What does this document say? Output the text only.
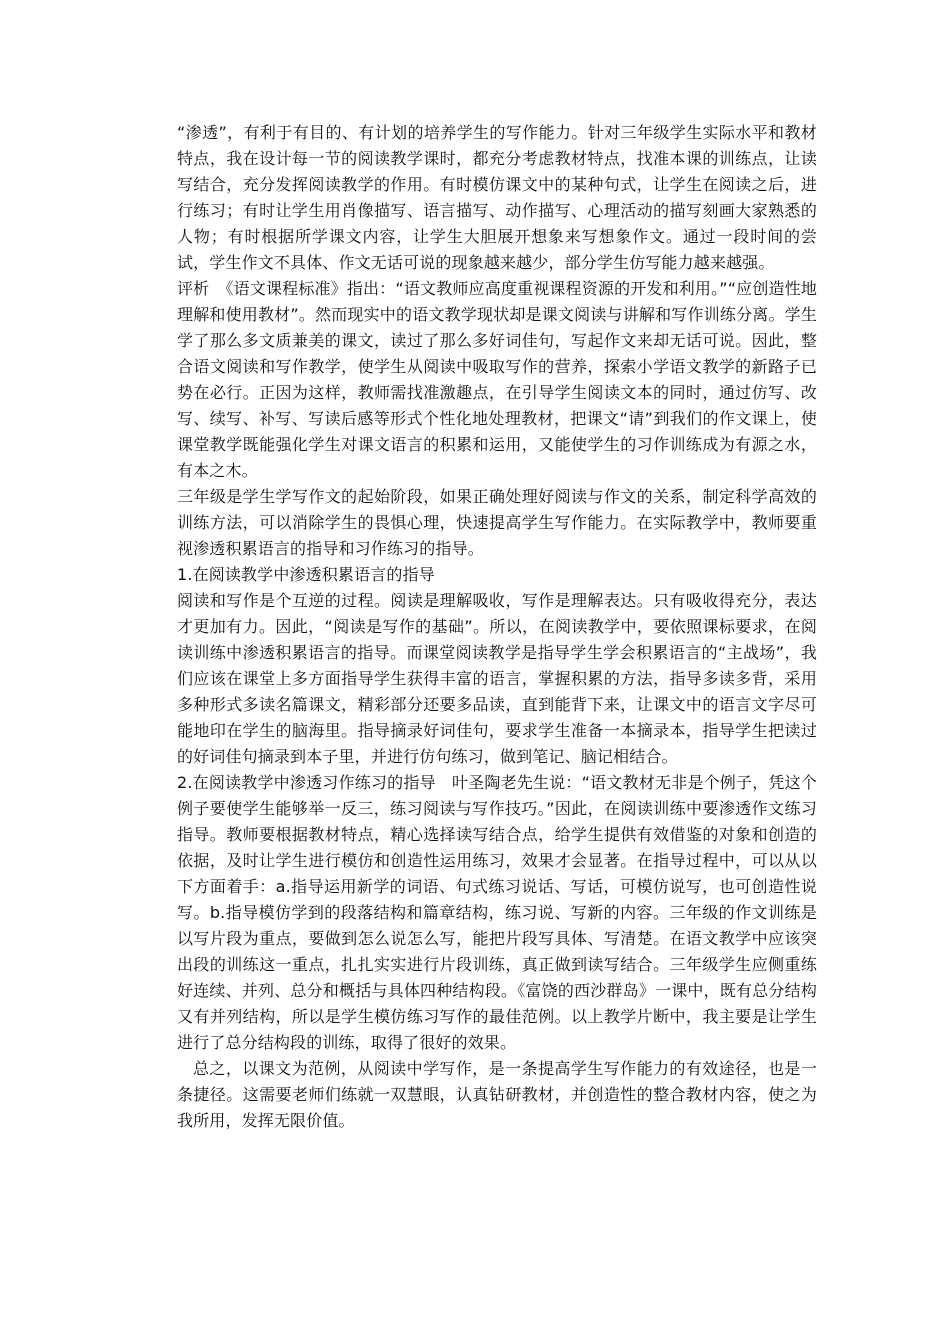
“渗透”，有利于有目的、有计划的培养学生的写作能力。针对三年级学生实际水平和教材特点，我在设计每一节的阅读教学课时，都充分考虑教材特点，找准本课的训练点，让读写结合，充分发挥阅读教学的作用。有时模仿课文中的某种句式，让学生在阅读之后，进行练习；有时让学生用肖像描写、语言描写、动作描写、心理活动的描写刻画大家熟悉的人物；有时根据所学课文内容，让学生大胆展开想象来写想象作文。通过一段时间的尝试，学生作文不具体、作文无话可说的现象越来越少，部分学生仿写能力越来越强。

评析　《语文课程标准》指出：“语文教师应高度重视课程资源的开发和利用。”“应创造性地理解和使用教材”。然而现实中的语文教学现状却是课文阅读与讲解和写作训练分离。学生学了那么多文质兼美的课文，读过了那么多好词佳句，写起作文来却无话可说。因此，整合语文阅读和写作教学，使学生从阅读中吸取写作的营养，探索小学语文教学的新路子已势在必行。正因为这样，教师需找准激趣点，在引导学生阅读文本的同时，通过仿写、改写、续写、补写、写读后感等形式个性化地处理教材，把课文“请”到我们的作文课上，使课堂教学既能强化学生对课文语言的积累和运用，又能使学生的习作训练成为有源之水，有本之木。

三年级是学生学写作文的起始阶段，如果正确处理好阅读与作文的关系，制定科学高效的训练方法，可以消除学生的畏惧心理，快速提高学生写作能力。在实际教学中，教师要重视渗透积累语言的指导和习作练习的指导。

1.在阅读教学中渗透积累语言的指导

阅读和写作是个互逆的过程。阅读是理解吸收，写作是理解表达。只有吸收得充分，表达才更加有力。因此，“阅读是写作的基础”。所以，在阅读教学中，要依照课标要求，在阅读训练中渗透积累语言的指导。而课堂阅读教学是指导学生学会积累语言的“主战场”，我们应该在课堂上多方面指导学生获得丰富的语言，掌握积累的方法，指导多读多背，采用多种形式多读名篇课文，精彩部分还要多品读，直到能背下来，让课文中的语言文字尽可能地印在学生的脑海里。指导摘录好词佳句，要求学生准备一本摘录本，指导学生把读过的好词佳句摘录到本子里，并进行仿句练习，做到笔记、脑记相结合。

2.在阅读教学中渗透习作练习的指导　叶圣陶老先生说：“语文教材无非是个例子，凭这个例子要使学生能够举一反三，练习阅读与写作技巧。”因此，在阅读训练中要渗透作文练习指导。教师要根据教材特点，精心选择读写结合点，给学生提供有效借鉴的对象和创造的依据，及时让学生进行模仿和创造性运用练习，效果才会显著。在指导过程中，可以从以下方面着手：a.指导运用新学的词语、句式练习说话、写话，可模仿说写，也可创造性说写。b.指导模仿学到的段落结构和篇章结构，练习说、写新的内容。三年级的作文训练是以写片段为重点，要做到怎么说怎么写，能把片段写具体、写清楚。在语文教学中应该突出段的训练这一重点，扎扎实实进行片段训练，真正做到读写结合。三年级学生应侧重练好连续、并列、总分和概括与具体四种结构段。《富饶的西沙群岛》一课中，既有总分结构又有并列结构，所以是学生模仿练习写作的最佳范例。以上教学片断中，我主要是让学生进行了总分结构段的训练，取得了很好的效果。

总之，以课文为范例，从阅读中学写作，是一条提高学生写作能力的有效途径，也是一条捷径。这需要老师们练就一双慧眼，认真钻研教材，并创造性的整合教材内容，使之为我所用，发挥无限价值。
